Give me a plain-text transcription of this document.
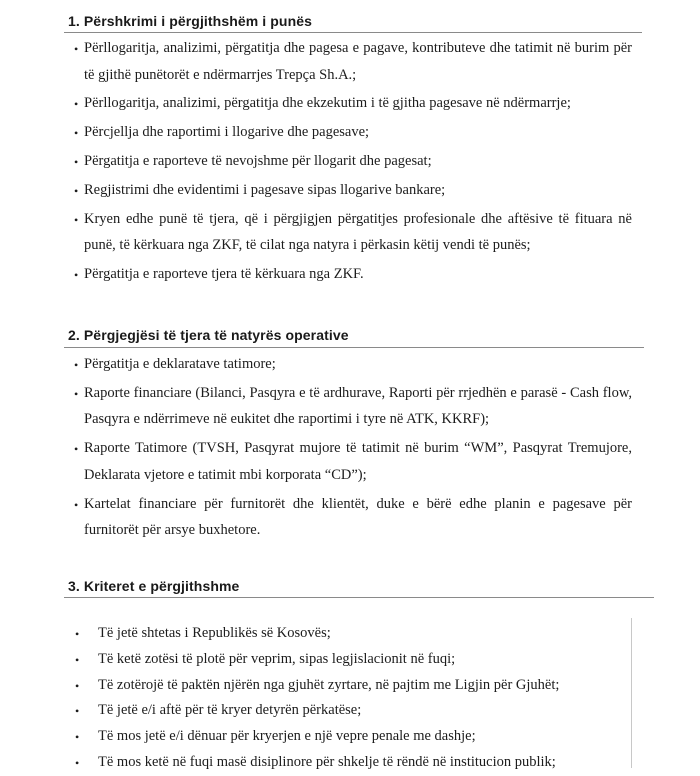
1. Përshkrimi i përgjithshëm i punës
• Përllogaritja, analizimi, përgatitja dhe pagesa e pagave, kontributeve dhe tatimit në burim për të gjithë punëtorët e ndërmarrjes Trepça Sh.A.;
• Përllogaritja, analizimi, përgatitja dhe ekzekutim i të gjitha pagesave në ndërmarrje;
• Përcjellja dhe raportimi i llogarive dhe pagesave;
• Përgatitja e raporteve të nevojshme për llogarit dhe pagesat;
• Regjistrimi dhe evidentimi i pagesave sipas llogarive bankare;
• Kryen edhe punë të tjera, që i përgjigjen përgatitjes profesionale dhe aftësive të fituara në punë, të kërkuara nga ZKF, të cilat nga natyra i përkasin këtij vendi të punës;
• Përgatitja e raporteve tjera të kërkuara nga ZKF.
2. Përgjegjësi të tjera të natyrës operative
• Përgatitja e deklaratave tatimore;
• Raporte financiare (Bilanci, Pasqyra e të ardhurave, Raporti për rrjedhën e parasë - Cash flow, Pasqyra e ndërrimeve në eukitet dhe raportimi i tyre në ATK, KKRF);
• Raporte Tatimore (TVSH, Pasqyrat mujore të tatimit në burim “WM”, Pasqyrat Tremujore, Deklarata vjetore e tatimit mbi korporata “CD”);
• Kartelat financiare për furnitorët dhe klientët, duke e bërë edhe planin e pagesave për furnitorët për arsye buxhetore.
3. Kriteret e përgjithshme
• Të jetë shtetas i Republikës së Kosovës;
• Të ketë zotësi të plotë për veprim, sipas legjislacionit në fuqi;
• Të zotërojë të paktën njërën nga gjuhët zyrtare, në pajtim me Ligjin për Gjuhët;
• Të jetë e/i aftë për të kryer detyrën përkatëse;
• Të mos jetë e/i dënuar për kryerjen e një vepre penale me dashje;
• Të mos ketë në fuqi masë disiplinore për shkelje të rëndë në institucion publik;
